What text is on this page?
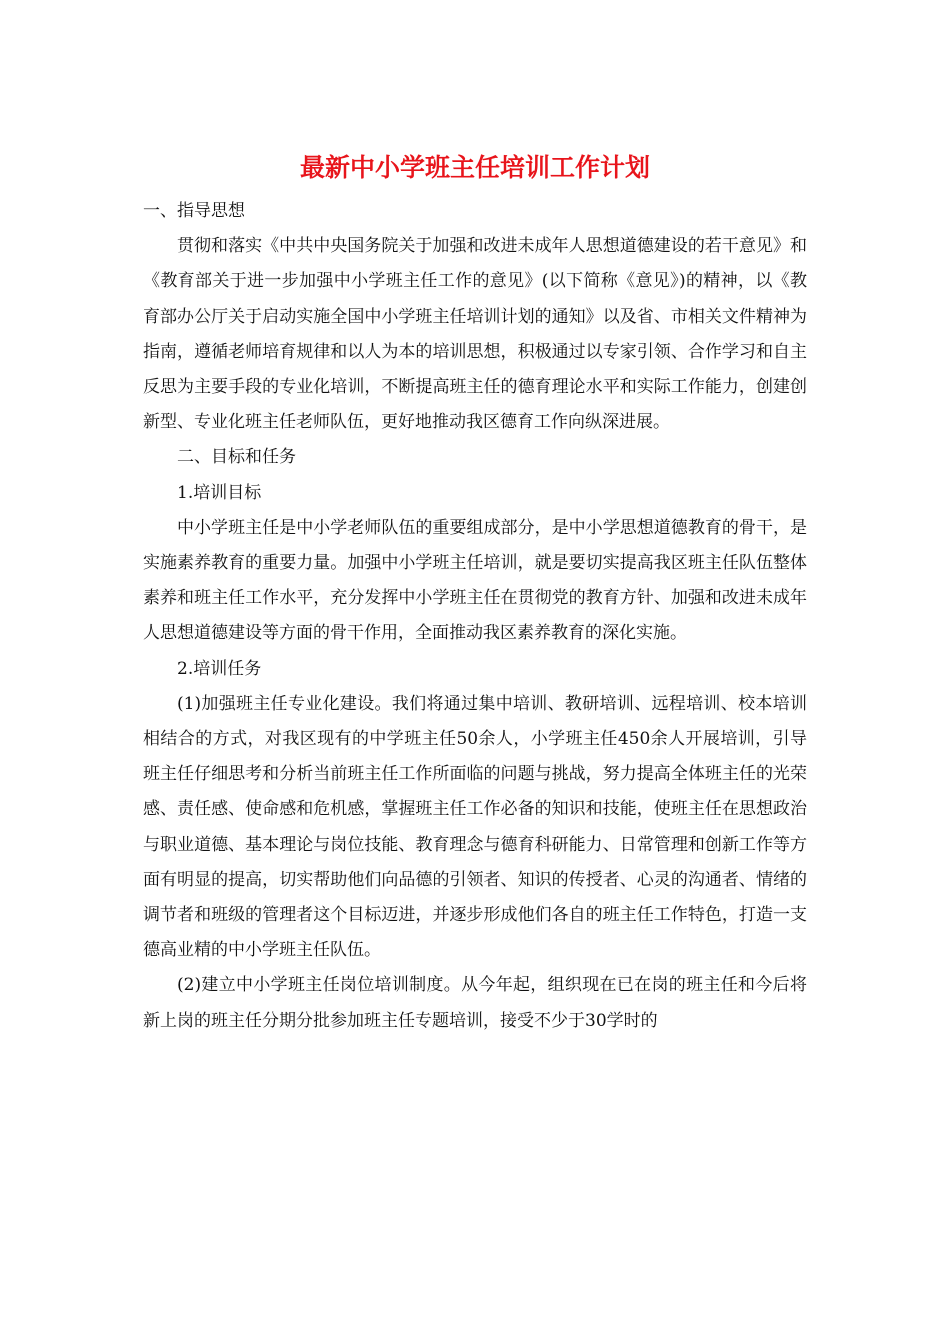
最新中小学班主任培训工作计划

一、指导思想

贯彻和落实《中共中央国务院关于加强和改进未成年人思想道德建设的若干意见》和《教育部关于进一步加强中小学班主任工作的意见》(以下简称《意见》)的精神，以《教育部办公厅关于启动实施全国中小学班主任培训计划的通知》以及省、市相关文件精神为指南，遵循老师培育规律和以人为本的培训思想，积极通过以专家引领、合作学习和自主反思为主要手段的专业化培训，不断提高班主任的德育理论水平和实际工作能力，创建创新型、专业化班主任老师队伍，更好地推动我区德育工作向纵深进展。

二、目标和任务

1.培训目标

中小学班主任是中小学老师队伍的重要组成部分，是中小学思想道德教育的骨干，是实施素养教育的重要力量。加强中小学班主任培训，就是要切实提高我区班主任队伍整体素养和班主任工作水平，充分发挥中小学班主任在贯彻党的教育方针、加强和改进未成年人思想道德建设等方面的骨干作用，全面推动我区素养教育的深化实施。

2.培训任务

(1)加强班主任专业化建设。我们将通过集中培训、教研培训、远程培训、校本培训相结合的方式，对我区现有的中学班主任50余人，小学班主任450余人开展培训，引导班主任仔细思考和分析当前班主任工作所面临的问题与挑战，努力提高全体班主任的光荣感、责任感、使命感和危机感，掌握班主任工作必备的知识和技能，使班主任在思想政治与职业道德、基本理论与岗位技能、教育理念与德育科研能力、日常管理和创新工作等方面有明显的提高，切实帮助他们向品德的引领者、知识的传授者、心灵的沟通者、情绪的调节者和班级的管理者这个目标迈进，并逐步形成他们各自的班主任工作特色，打造一支德高业精的中小学班主任队伍。

(2)建立中小学班主任岗位培训制度。从今年起，组织现在已在岗的班主任和今后将新上岗的班主任分期分批参加班主任专题培训，接受不少于30学时的
